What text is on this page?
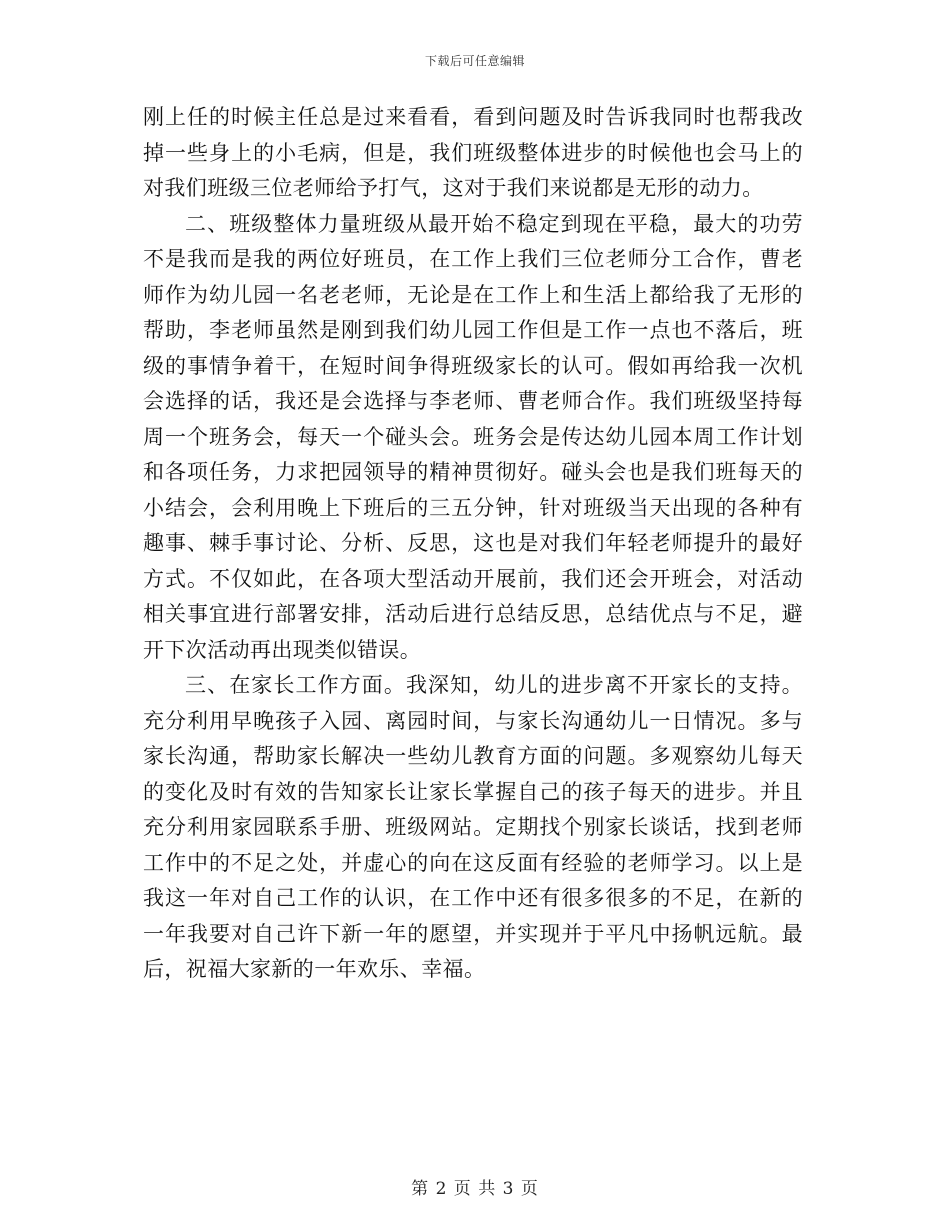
下载后可任意编辑

刚上任的时候主任总是过来看看，看到问题及时告诉我同时也帮我改掉一些身上的小毛病，但是，我们班级整体进步的时候他也会马上的对我们班级三位老师给予打气，这对于我们来说都是无形的动力。

二、班级整体力量班级从最开始不稳定到现在平稳，最大的功劳不是我而是我的两位好班员，在工作上我们三位老师分工合作，曹老师作为幼儿园一名老老师，无论是在工作上和生活上都给我了无形的帮助，李老师虽然是刚到我们幼儿园工作但是工作一点也不落后，班级的事情争着干，在短时间争得班级家长的认可。假如再给我一次机会选择的话，我还是会选择与李老师、曹老师合作。我们班级坚持每周一个班务会，每天一个碰头会。班务会是传达幼儿园本周工作计划和各项任务，力求把园领导的精神贯彻好。碰头会也是我们班每天的小结会，会利用晚上下班后的三五分钟，针对班级当天出现的各种有趣事、棘手事讨论、分析、反思，这也是对我们年轻老师提升的最好方式。不仅如此，在各项大型活动开展前，我们还会开班会，对活动相关事宜进行部署安排，活动后进行总结反思，总结优点与不足，避开下次活动再出现类似错误。

三、在家长工作方面。我深知，幼儿的进步离不开家长的支持。充分利用早晚孩子入园、离园时间，与家长沟通幼儿一日情况。多与家长沟通，帮助家长解决一些幼儿教育方面的问题。多观察幼儿每天的变化及时有效的告知家长让家长掌握自己的孩子每天的进步。并且充分利用家园联系手册、班级网站。定期找个别家长谈话，找到老师工作中的不足之处，并虚心的向在这反面有经验的老师学习。以上是我这一年对自己工作的认识，在工作中还有很多很多的不足，在新的一年我要对自己许下新一年的愿望，并实现并于平凡中扬帆远航。最后，祝福大家新的一年欢乐、幸福。

第 2 页 共 3 页
